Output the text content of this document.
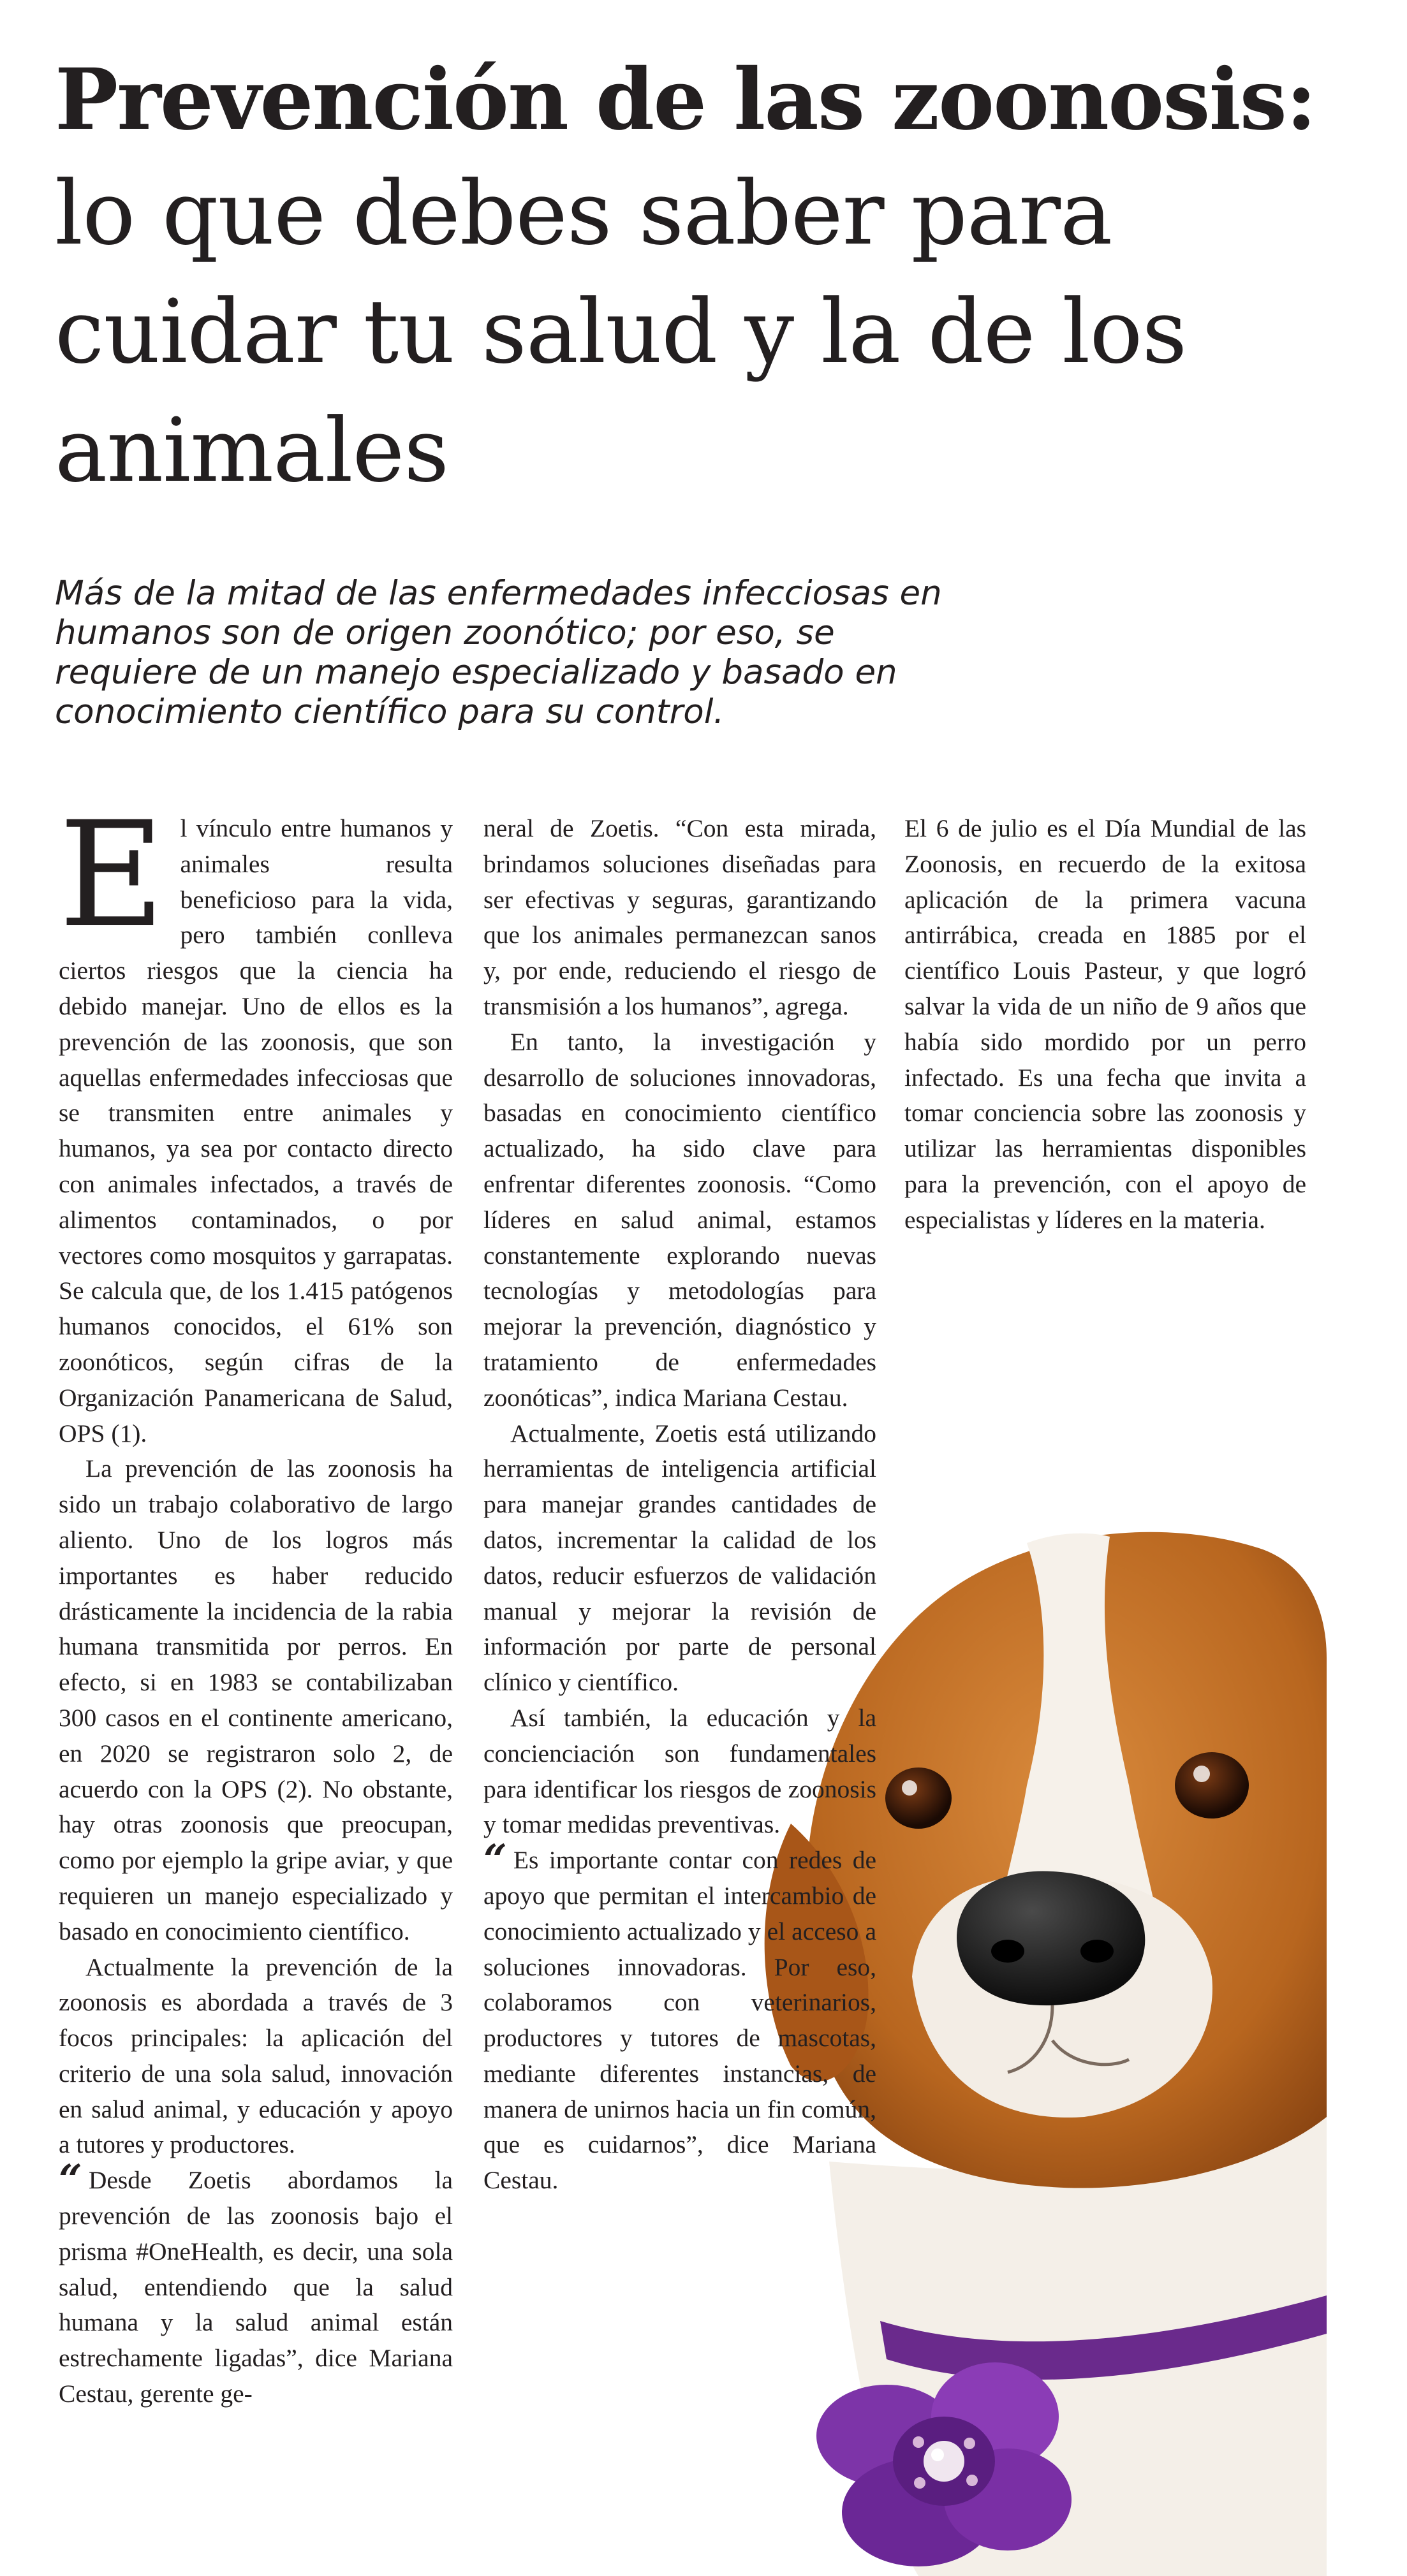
Prevención de las zoonosis:
lo que debes saber para cuidar tu salud y la de los animales

Más de la mitad de las enfermedades infecciosas en humanos son de origen zoonótico; por eso, se requiere de un manejo especializado y basado en conocimiento científico para su control.

El vínculo entre humanos y animales resulta beneficioso para la vida, pero también conlleva ciertos riesgos que la ciencia ha debido manejar. Uno de ellos es la prevención de las zoonosis, que son aquellas enfermedades infecciosas que se transmiten entre animales y humanos, ya sea por contacto directo con animales infectados, a través de alimentos contaminados, o por vectores como mosquitos y garrapatas. Se calcula que, de los 1.415 patógenos humanos conocidos, el 61% son zoonóticos, según cifras de la Organización Panamericana de Salud, OPS (1).

La prevención de las zoonosis ha sido un trabajo colaborativo de largo aliento. Uno de los logros más importantes es haber reducido drásticamente la incidencia de la rabia humana transmitida por perros. En efecto, si en 1983 se contabilizaban 300 casos en el continente americano, en 2020 se registraron solo 2, de acuerdo con la OPS (2). No obstante, hay otras zoonosis que preocupan, como por ejemplo la gripe aviar, y que requieren un manejo especializado y basado en conocimiento científico.

Actualmente la prevención de la zoonosis es abordada a través de 3 focos principales: la aplicación del criterio de una sola salud, innovación en salud animal, y educación y apoyo a tutores y productores.

“ Desde Zoetis abordamos la prevención de las zoonosis bajo el prisma #OneHealth, es decir, una sola salud, entendiendo que la salud humana y la salud animal están estrechamente ligadas”, dice Mariana Cestau, gerente ge-

neral de Zoetis. “Con esta mirada, brindamos soluciones diseñadas para ser efectivas y seguras, garantizando que los animales permanezcan sanos y, por ende, reduciendo el riesgo de transmisión a los humanos”, agrega.

En tanto, la investigación y desarrollo de soluciones innovadoras, basadas en conocimiento científico actualizado, ha sido clave para enfrentar diferentes zoonosis. “Como líderes en salud animal, estamos constantemente explorando nuevas tecnologías y metodologías para mejorar la prevención, diagnóstico y tratamiento de enfermedades zoonóticas”, indica Mariana Cestau.

Actualmente, Zoetis está utilizando herramientas de inteligencia artificial para manejar grandes cantidades de datos, incrementar la calidad de los datos, reducir esfuerzos de validación manual y mejorar la revisión de información por parte de personal clínico y científico.

Así también, la educación y la concienciación son fundamentales para identificar los riesgos de zoonosis y tomar medidas preventivas.

“ Es importante contar con redes de apoyo que permitan el intercambio de conocimiento actualizado y el acceso a soluciones innovadoras. Por eso, colaboramos con veterinarios, productores y tutores de mascotas, mediante diferentes instancias, de manera de unirnos hacia un fin común, que es cuidarnos”, dice Mariana Cestau.

El 6 de julio es el Día Mundial de las Zoonosis, en recuerdo de la exitosa aplicación de la primera vacuna antirrábica, creada en 1885 por el científico Louis Pasteur, y que logró salvar la vida de un niño de 9 años que había sido mordido por un perro infectado. Es una fecha que invita a tomar conciencia sobre las zoonosis y utilizar las herramientas disponibles para la prevención, con el apoyo de especialistas y líderes en la materia.
